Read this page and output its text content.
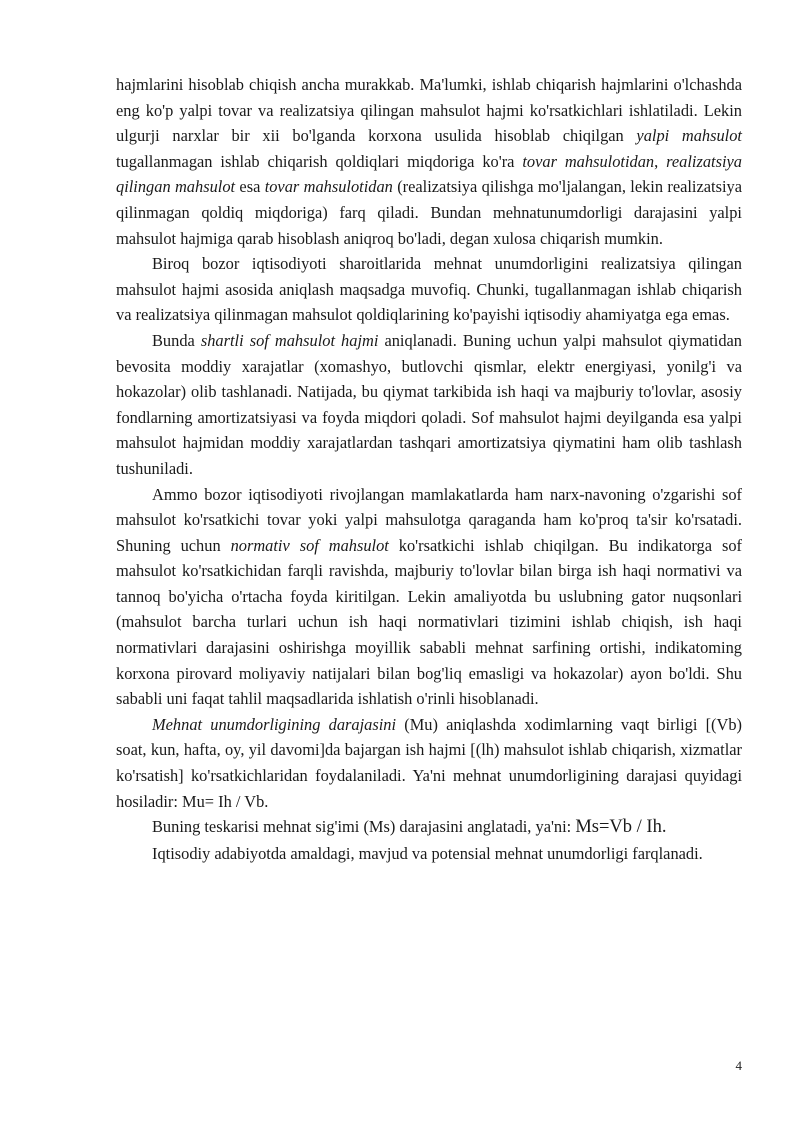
hajmlarini hisoblab chiqish ancha murakkab. Ma'lumki, ishlab chiqarish hajmlarini o'lchashda eng ko'p yalpi tovar va realizatsiya qilingan mahsulot hajmi ko'rsatkichlari ishlatiladi. Lekin ulgurji narxlar bir xii bo'lganda korxona usulida hisoblab chiqilgan yalpi mahsulot tugallanmagan ishlab chiqarish qoldiqlari miqdoriga ko'ra tovar mahsulotidan, realizatsiya qilingan mahsulot esa tovar mahsulotidan (realizatsiya qilishga mo'ljalangan, lekin realizatsiya qilinmagan qoldiq miqdoriga) farq qiladi. Bundan mehnatunumdorligi darajasini yalpi mahsulot hajmiga qarab hisoblash aniqroq bo'ladi, degan xulosa chiqarish mumkin.

Biroq bozor iqtisodiyoti sharoitlarida mehnat unumdorligini realizatsiya qilingan mahsulot hajmi asosida aniqlash maqsadga muvofiq. Chunki, tugallanmagan ishlab chiqarish va realizatsiya qilinmagan mahsulot qoldiqlarining ko'payishi iqtisodiy ahamiyatga ega emas.

Bunda shartli sof mahsulot hajmi aniqlanadi. Buning uchun yalpi mahsulot qiymatidan bevosita moddiy xarajatlar (xomashyo, butlovchi qismlar, elektr energiyasi, yonilg'i va hokazolar) olib tashlanadi. Natijada, bu qiymat tarkibida ish haqi va majburiy to'lovlar, asosiy fondlarning amortizatsiyasi va foyda miqdori qoladi. Sof mahsulot hajmi deyilganda esa yalpi mahsulot hajmidan moddiy xarajatlardan tashqari amortizatsiya qiymatini ham olib tashlash tushuniladi.

Ammo bozor iqtisodiyoti rivojlangan mamlakatlarda ham narx-navoning o'zgarishi sof mahsulot ko'rsatkichi tovar yoki yalpi mahsulotga qaraganda ham ko'proq ta'sir ko'rsatadi. Shuning uchun normativ sof mahsulot ko'rsatkichi ishlab chiqilgan. Bu indikatorga sof mahsulot ko'rsatkichidan farqli ravishda, majburiy to'lovlar bilan birga ish haqi normativi va tannoq bo'yicha o'rtacha foyda kiritilgan. Lekin amaliyotda bu uslubning gator nuqsonlari (mahsulot barcha turlari uchun ish haqi normativlari tizimini ishlab chiqish, ish haqi normativlari darajasini oshirishga moyillik sababli mehnat sarfining ortishi, indikatoming korxona pirovard moliyaviy natijalari bilan bog'liq emasligi va hokazolar) ayon bo'ldi. Shu sababli uni faqat tahlil maqsadlarida ishlatish o'rinli hisoblanadi.

Mehnat unumdorligining darajasini (Mu) aniqlashda xodimlarning vaqt birligi [(Vb) soat, kun, hafta, oy, yil davomi]da bajargan ish hajmi [(lh) mahsulot ishlab chiqarish, xizmatlar ko'rsatish] ko'rsatkichlaridan foydalaniladi. Ya'ni mehnat unumdorligining darajasi quyidagi hosiladir: Mu= Ih / Vb.

Buning teskarisi mehnat sig'imi (Ms) darajasini anglatadi, ya'ni: Ms=Vb / Ih.

Iqtisodiy adabiyotda amaldagi, mavjud va potensial mehnat unumdorligi farqlanadi.

4
